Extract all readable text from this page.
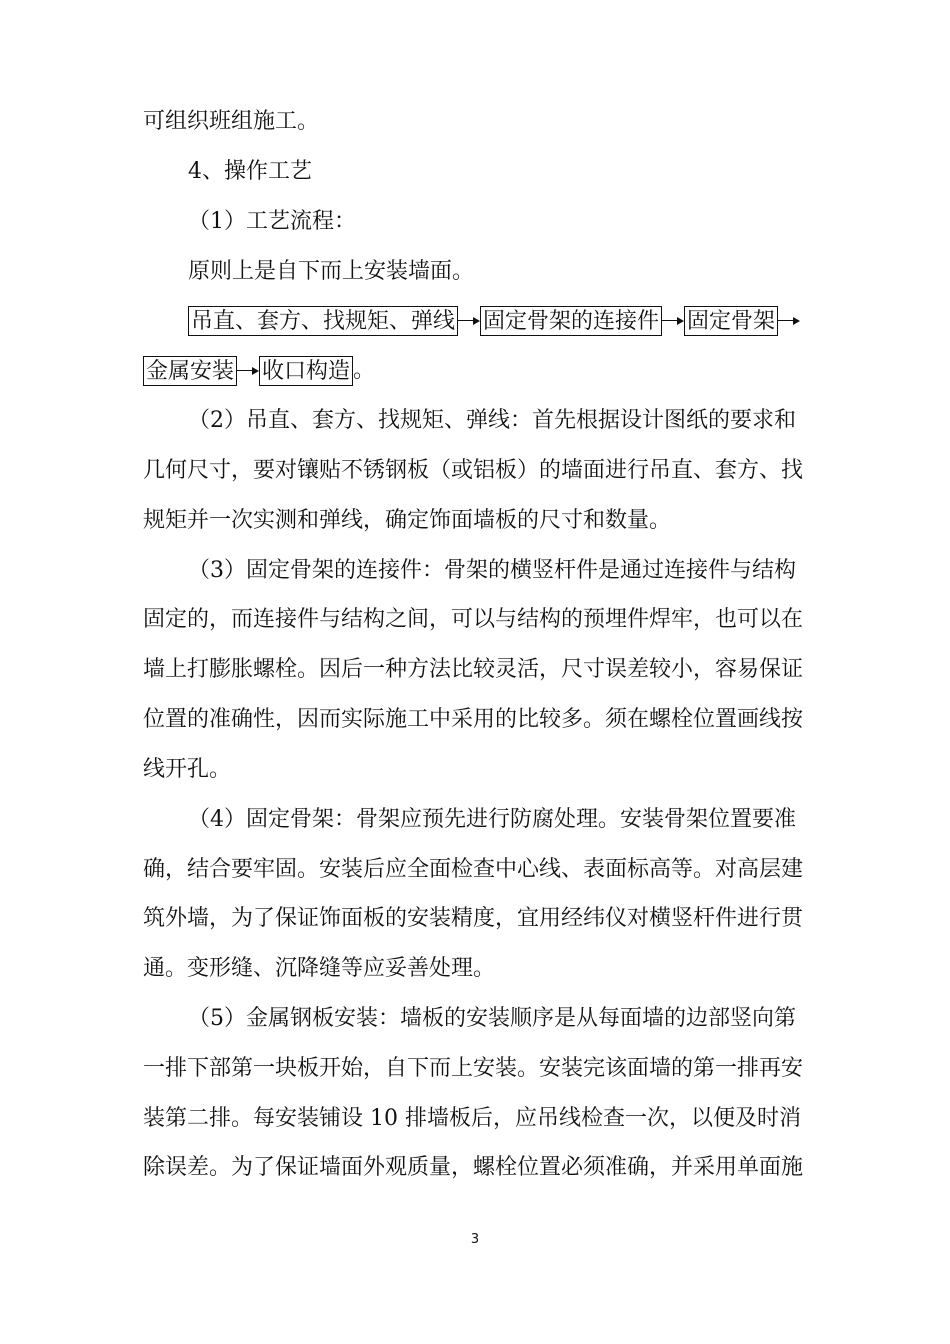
可组织班组施工。
4、操作工艺
（1）工艺流程：
原则上是自下而上安装墙面。
吊直、套方、找规矩、弹线 固定骨架的连接件 固定骨架
金属安装 收口构造 。
（2）吊直、套方、找规矩、弹线：首先根据设计图纸的要求和
几何尺寸，要对镶贴不锈钢板（或铝板）的墙面进行吊直、套方、找
规矩并一次实测和弹线，确定饰面墙板的尺寸和数量。
（3）固定骨架的连接件：骨架的横竖杆件是通过连接件与结构
固定的，而连接件与结构之间，可以与结构的预埋件焊牢，也可以在
墙上打膨胀螺栓。因后一种方法比较灵活，尺寸误差较小，容易保证
位置的准确性，因而实际施工中采用的比较多。须在螺栓位置画线按
线开孔。
（4）固定骨架：骨架应预先进行防腐处理。安装骨架位置要准
确，结合要牢固。安装后应全面检查中心线、表面标高等。对高层建
筑外墙，为了保证饰面板的安装精度，宜用经纬仪对横竖杆件进行贯
通。变形缝、沉降缝等应妥善处理。
（5）金属钢板安装：墙板的安装顺序是从每面墙的边部竖向第
一排下部第一块板开始，自下而上安装。安装完该面墙的第一排再安
装第二排。每安装铺设 10 排墙板后，应吊线检查一次，以便及时消
除误差。为了保证墙面外观质量，螺栓位置必须准确，并采用单面施
3
